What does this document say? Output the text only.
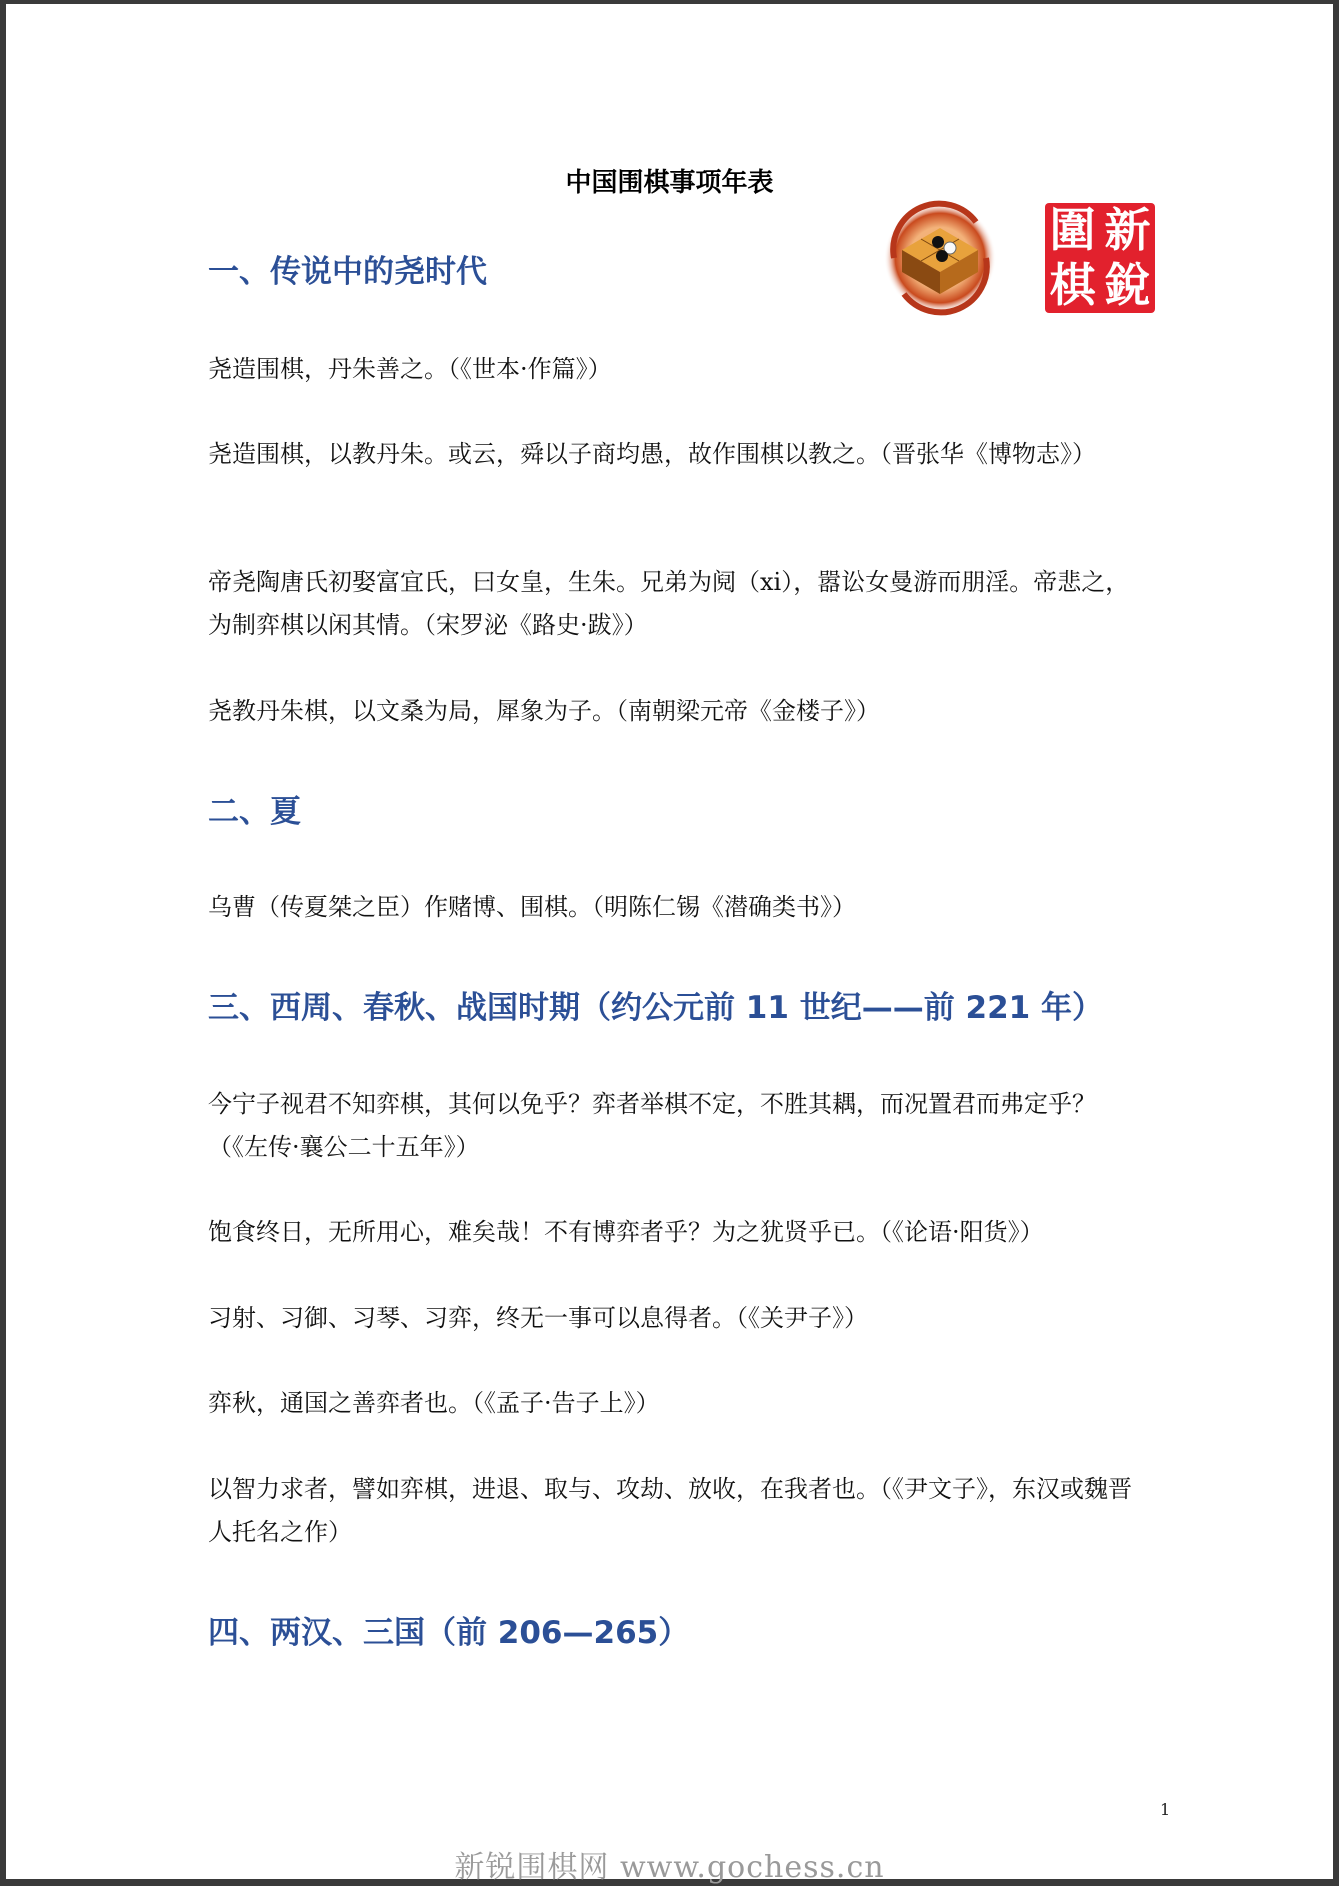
中国围棋事项年表
圍 新
棋 銳
一、传说中的尧时代

尧造围棋，丹朱善之。（《世本·作篇》）

尧造围棋，以教丹朱。或云，舜以子商均愚，故作围棋以教之。（晋张华《博物志》）

帝尧陶唐氏初娶富宜氏，曰女皇，生朱。兄弟为阋（xi），嚣讼女曼游而朋淫。帝悲之，为制弈棋以闲其情。（宋罗泌《路史·跋》）

尧教丹朱棋，以文桑为局，犀象为子。（南朝梁元帝《金楼子》）

二、夏

乌曹（传夏桀之臣）作赌博、围棋。（明陈仁锡《潜确类书》）

三、西周、春秋、战国时期（约公元前 11 世纪——前 221 年）

今宁子视君不知弈棋，其何以免乎？弈者举棋不定，不胜其耦，而况置君而弗定乎？（《左传·襄公二十五年》）

饱食终日，无所用心，难矣哉！不有博弈者乎？为之犹贤乎已。（《论语·阳货》）

习射、习御、习琴、习弈，终无一事可以息得者。（《关尹子》）

弈秋，通国之善弈者也。（《孟子·告子上》）

以智力求者，譬如弈棋，进退、取与、攻劫、放收，在我者也。（《尹文子》，东汉或魏晋人托名之作）

四、两汉、三国（前 206—265）
1
新锐围棋网 www.gochess.cn
